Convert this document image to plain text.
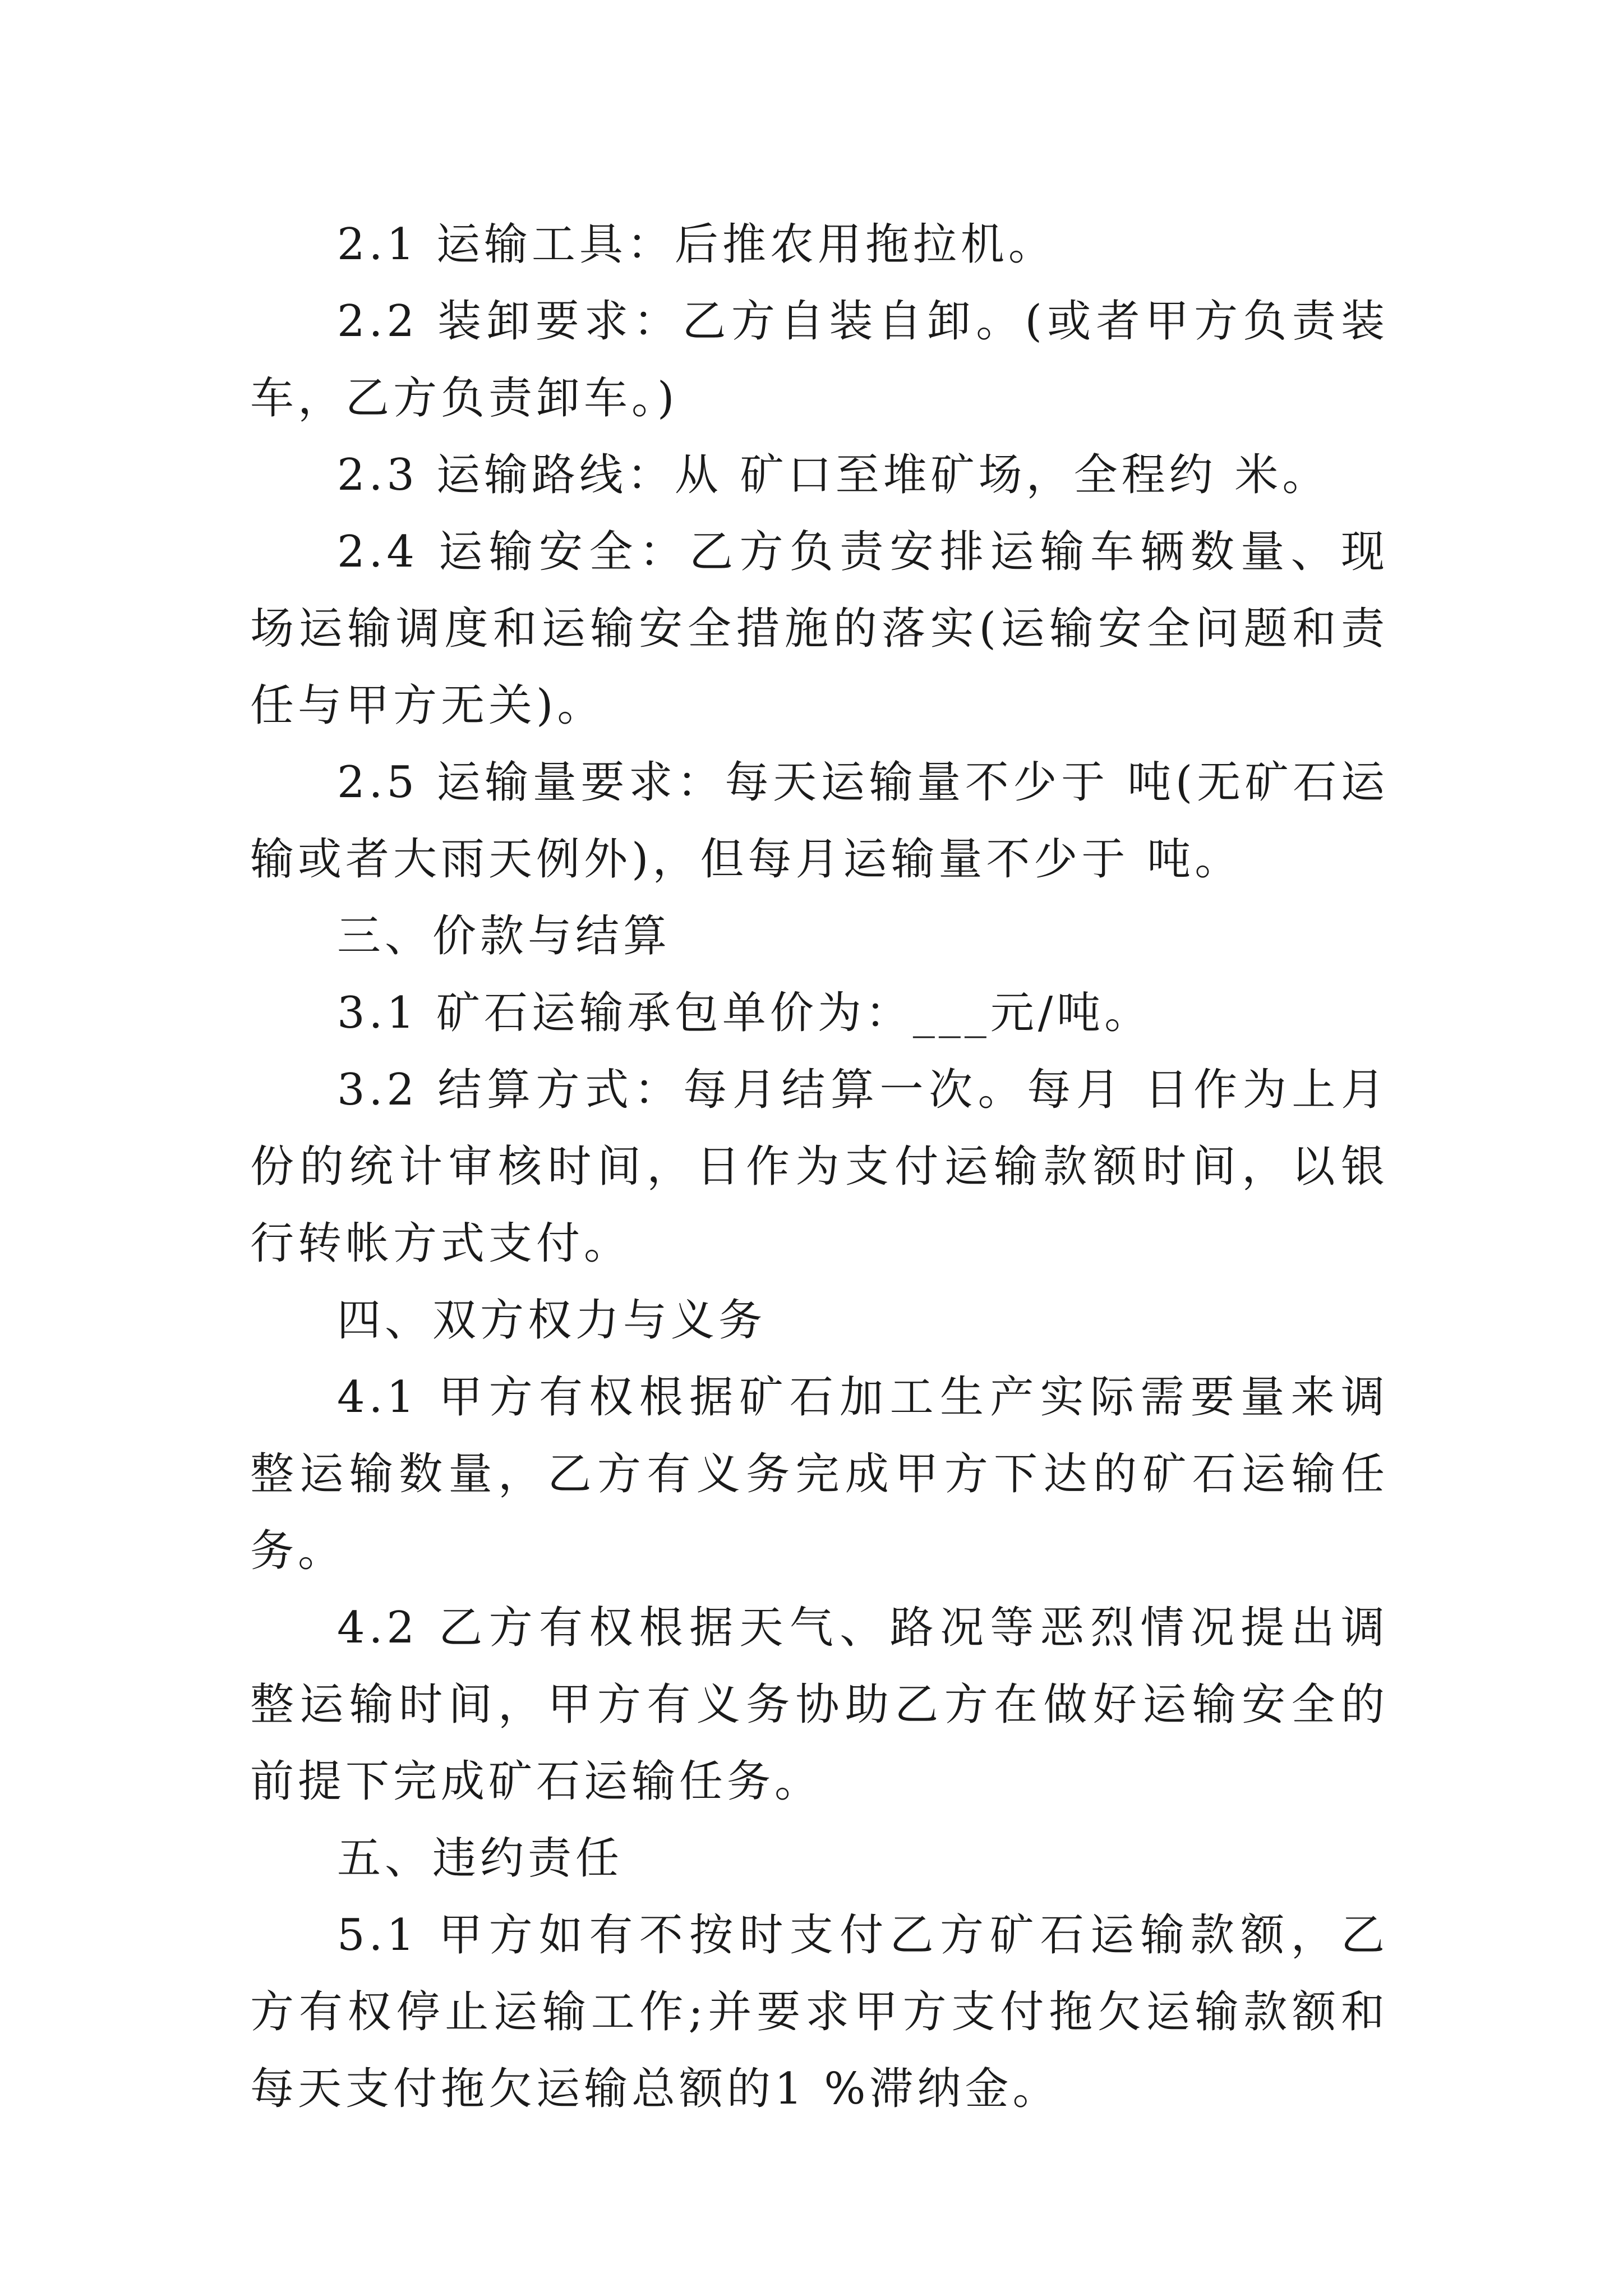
2.1 运输工具：后推农用拖拉机。

2.2 装卸要求：乙方自装自卸。(或者甲方负责装车，乙方负责卸车。)

2.3 运输路线：从 矿口至堆矿场，全程约 米。

2.4 运输安全：乙方负责安排运输车辆数量、现场运输调度和运输安全措施的落实(运输安全问题和责任与甲方无关)。

2.5 运输量要求：每天运输量不少于 吨(无矿石运输或者大雨天例外)，但每月运输量不少于 吨。

三、价款与结算

3.1 矿石运输承包单价为：___元/吨。

3.2 结算方式：每月结算一次。每月 日作为上月份的统计审核时间，日作为支付运输款额时间，以银行转帐方式支付。

四、双方权力与义务

4.1 甲方有权根据矿石加工生产实际需要量来调整运输数量，乙方有义务完成甲方下达的矿石运输任务。

4.2 乙方有权根据天气、路况等恶烈情况提出调整运输时间，甲方有义务协助乙方在做好运输安全的前提下完成矿石运输任务。

五、违约责任

5.1 甲方如有不按时支付乙方矿石运输款额，乙方有权停止运输工作;并要求甲方支付拖欠运输款额和每天支付拖欠运输总额的1 %滞纳金。
